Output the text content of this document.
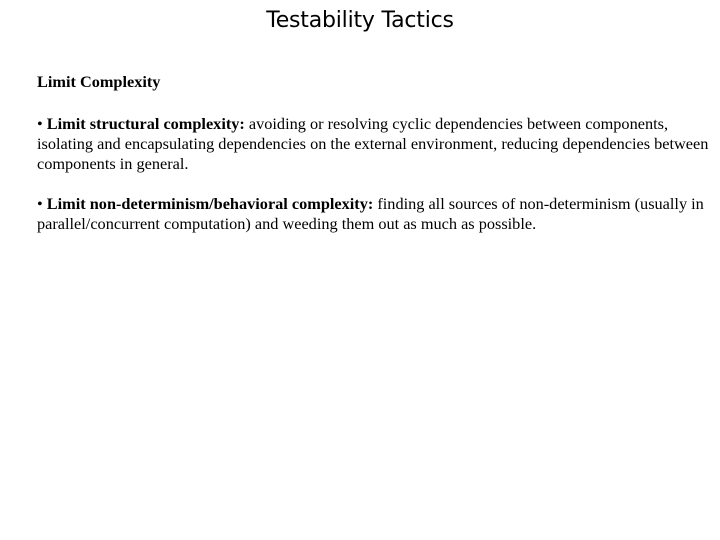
Testability Tactics

Limit Complexity

• Limit structural complexity: avoiding or resolving cyclic dependencies between components, isolating and encapsulating dependencies on the external environment, reducing dependencies between components in general.

• Limit non-determinism/behavioral complexity: finding all sources of non-determinism (usually in parallel/concurrent computation) and weeding them out as much as possible.
